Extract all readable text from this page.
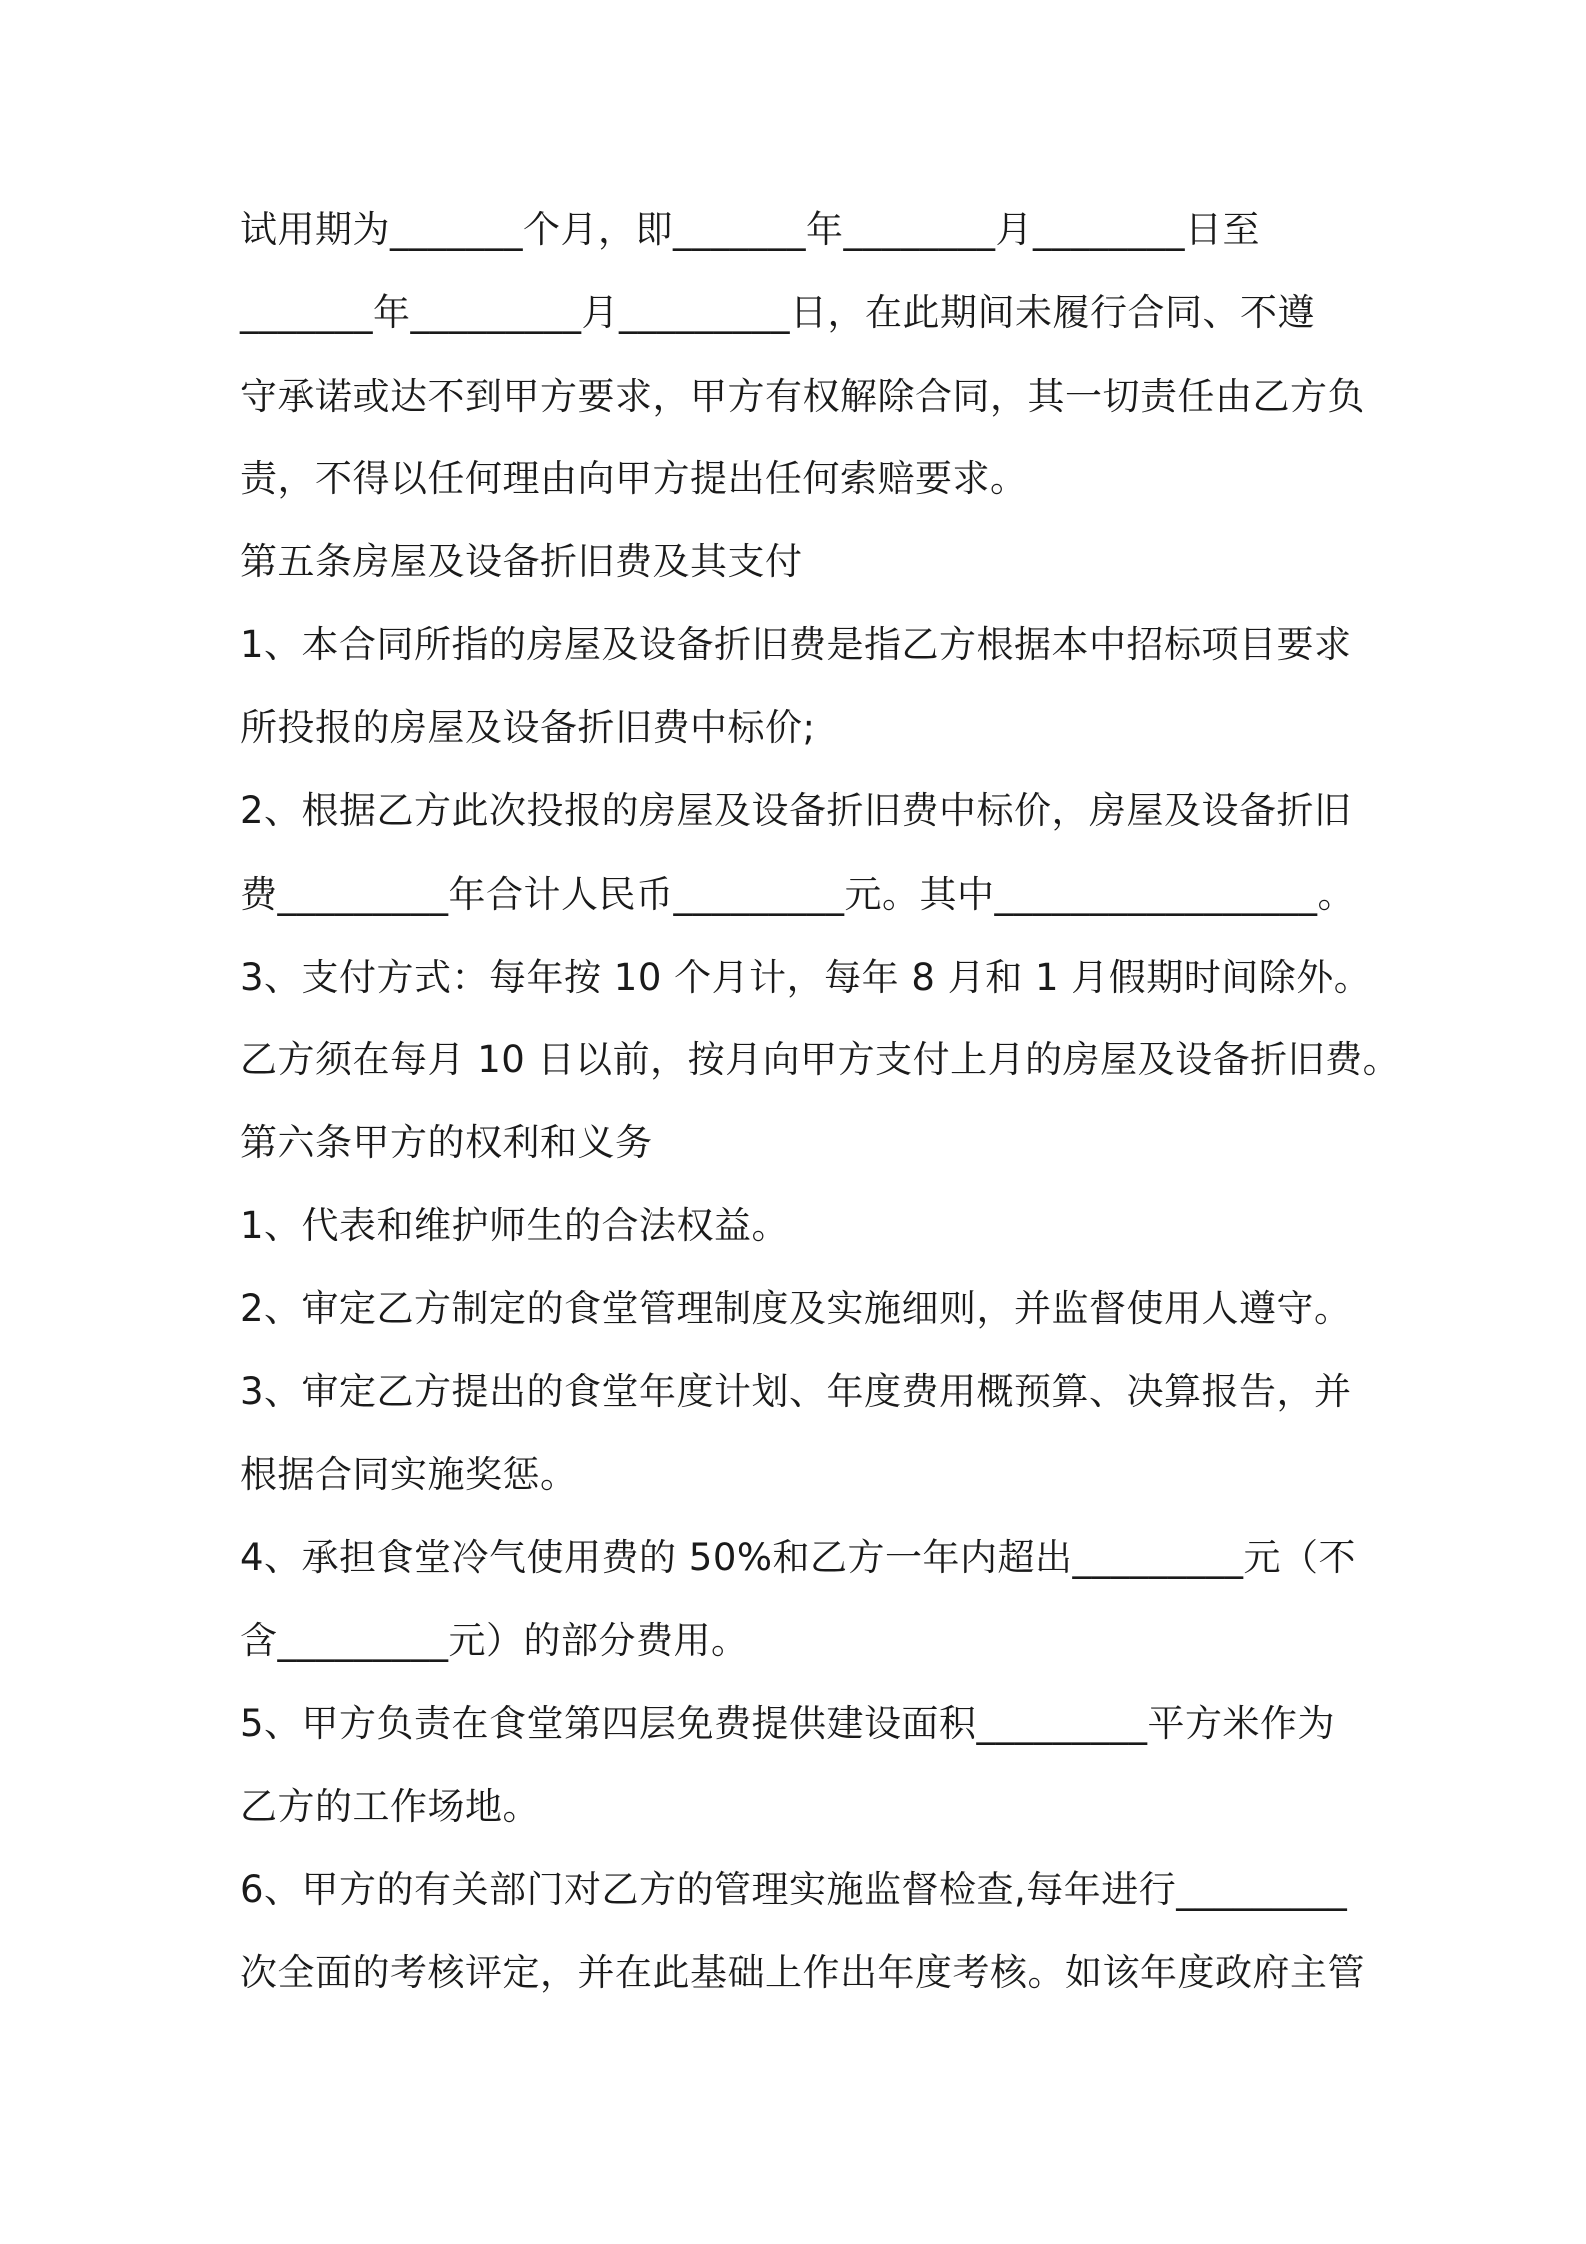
试用期为_______个月，即_______年________月________日至
_______年_________月_________日，在此期间未履行合同、不遵
守承诺或达不到甲方要求，甲方有权解除合同，其一切责任由乙方负
责，不得以任何理由向甲方提出任何索赔要求。
第五条房屋及设备折旧费及其支付
1、本合同所指的房屋及设备折旧费是指乙方根据本中招标项目要求
所投报的房屋及设备折旧费中标价;
2、根据乙方此次投报的房屋及设备折旧费中标价，房屋及设备折旧
费_________年合计人民币_________元。其中_________________。
3、支付方式：每年按 10 个月计，每年 8 月和 1 月假期时间除外。
乙方须在每月 10 日以前，按月向甲方支付上月的房屋及设备折旧费。
第六条甲方的权利和义务
1、代表和维护师生的合法权益。
2、审定乙方制定的食堂管理制度及实施细则，并监督使用人遵守。
3、审定乙方提出的食堂年度计划、年度费用概预算、决算报告，并
根据合同实施奖惩。
4、承担食堂冷气使用费的 50%和乙方一年内超出_________元（不
含_________元）的部分费用。
5、甲方负责在食堂第四层免费提供建设面积_________平方米作为
乙方的工作场地。
6、甲方的有关部门对乙方的管理实施监督检查,每年进行_________
次全面的考核评定，并在此基础上作出年度考核。如该年度政府主管
